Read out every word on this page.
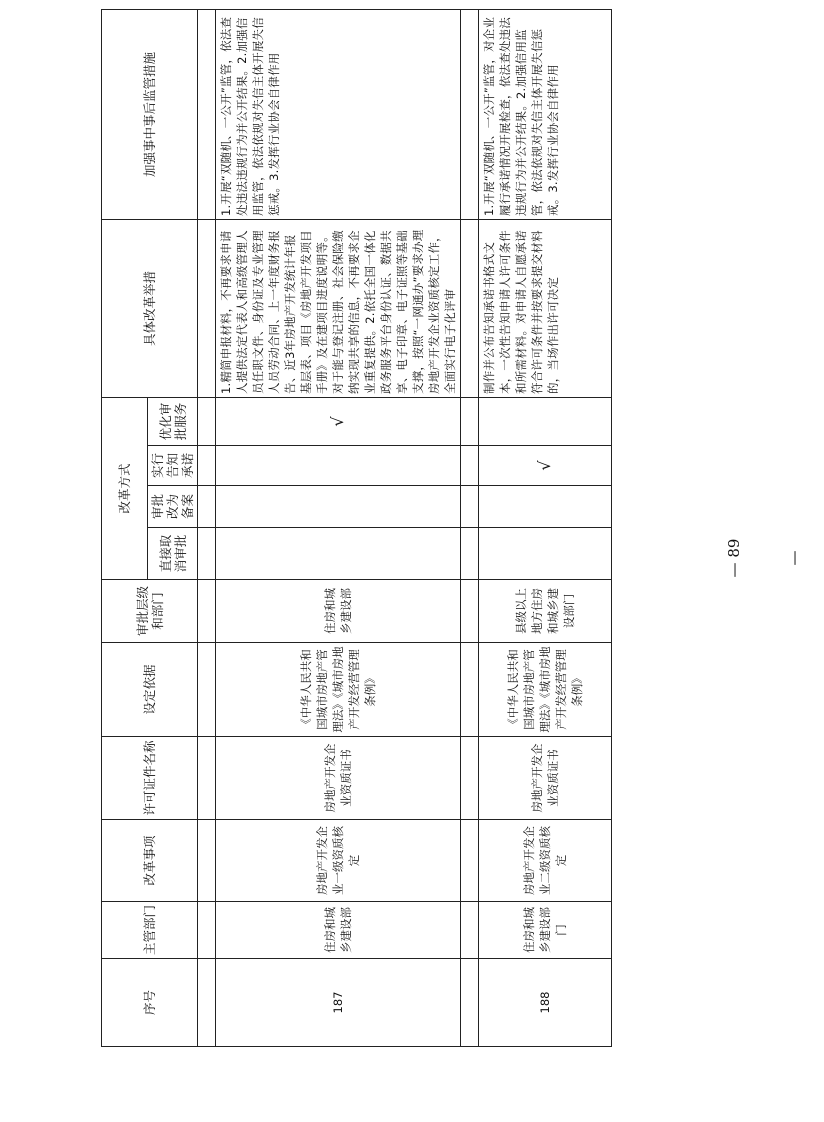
序号	主管部门	改革事项	许可证件名称	设定依据	审批层级和部门	改革方式				具体改革举措	加强事中事后监管措施
						直接取消审批	审批改为备案	实行告知承诺	优化审批服务		

187	住房和城乡建设部	房地产开发企业一级资质核定	房地产开发企业资质证书	《中华人民共和国城市房地产管理法》《城市房地产开发经营管理条例》	住房和城乡建设部				√	1.精简申报材料，不再要求申请人提供法定代表人和高级管理人员任职文件、身份证及专业管理人员劳动合同、上一年度财务报告、近3年房地产开发统计年报基层表、项目《房地产开发项目手册》及在建项目进度说明等。对于能与登记注册、社会保险缴纳实现共享的信息，不再要求企业重复提供。2.依托全国一体化政务服务平台身份认证、数据共享、电子印章、电子证照等基础支撑，按照“一网通办”要求办理房地产开发企业资质核定工作，全面实行电子化评审	1.开展“双随机、一公开”监管，依法查处违法违规行为并公开结果。2.加强信用监管，依法依规对失信主体开展失信惩戒。3.发挥行业协会自律作用

188	住房和城乡建设部门	房地产开发企业二级资质核定	房地产开发企业资质证书	《中华人民共和国城市房地产管理法》《城市房地产开发经营管理条例》	县级以上地方住房和城乡建设部门			√		制作并公布告知承诺书格式文本，一次性告知申请人许可条件和所需材料。对申请人自愿承诺符合许可条件并按要求提交材料的，当场作出许可决定	1.开展“双随机、一公开”监管，对企业履行承诺情况开展检查，依法查处违法违规行为并公开结果。2.加强信用监管，依法依规对失信主体开展失信惩戒。3.发挥行业协会自律作用
— 89 —
